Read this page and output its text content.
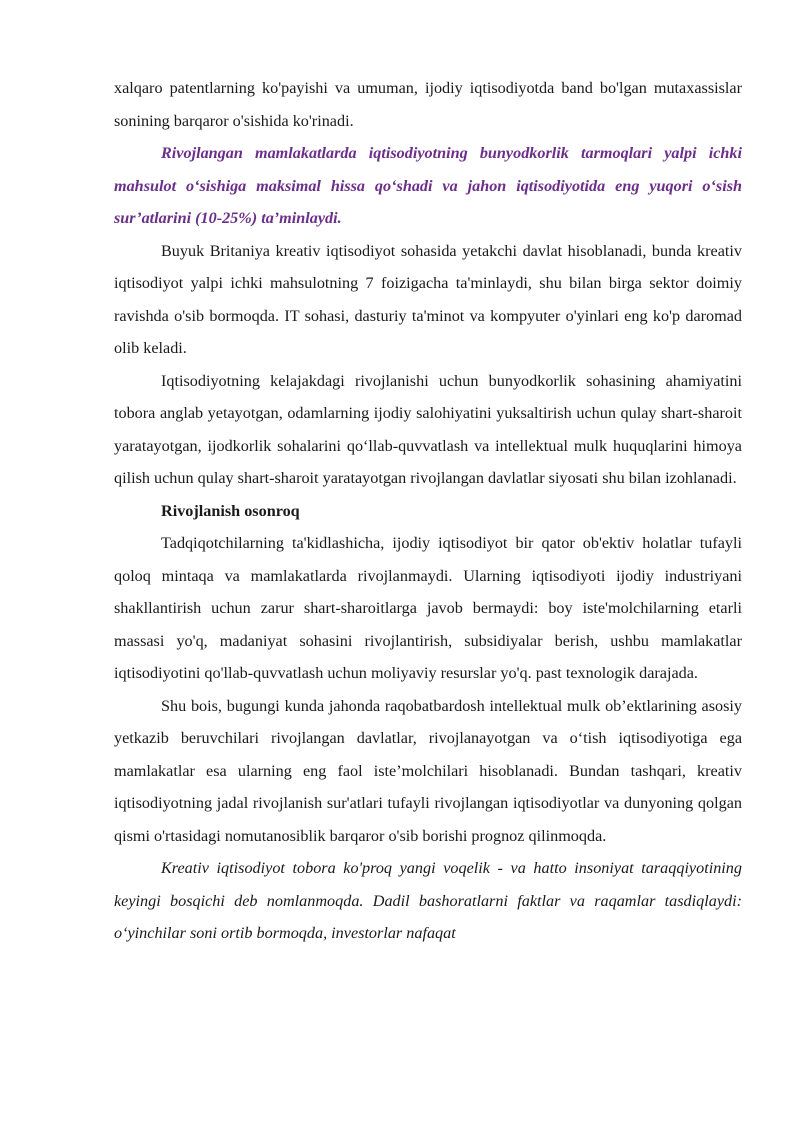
xalqaro patentlarning ko'payishi va umuman, ijodiy iqtisodiyotda band bo'lgan mutaxassislar sonining barqaror o'sishida ko'rinadi.

Rivojlangan mamlakatlarda iqtisodiyotning bunyodkorlik tarmoqlari yalpi ichki mahsulot o‘sishiga maksimal hissa qo‘shadi va jahon iqtisodiyotida eng yuqori o‘sish sur’atlarini (10-25%) ta’minlaydi.

Buyuk Britaniya kreativ iqtisodiyot sohasida yetakchi davlat hisoblanadi, bunda kreativ iqtisodiyot yalpi ichki mahsulotning 7 foizigacha ta'minlaydi, shu bilan birga sektor doimiy ravishda o'sib bormoqda. IT sohasi, dasturiy ta'minot va kompyuter o'yinlari eng ko'p daromad olib keladi.

Iqtisodiyotning kelajakdagi rivojlanishi uchun bunyodkorlik sohasining ahamiyatini tobora anglab yetayotgan, odamlarning ijodiy salohiyatini yuksaltirish uchun qulay shart-sharoit yaratayotgan, ijodkorlik sohalarini qo‘llab-quvvatlash va intellektual mulk huquqlarini himoya qilish uchun qulay shart-sharoit yaratayotgan rivojlangan davlatlar siyosati shu bilan izohlanadi.

Rivojlanish osonroq

Tadqiqotchilarning ta'kidlashicha, ijodiy iqtisodiyot bir qator ob'ektiv holatlar tufayli qoloq mintaqa va mamlakatlarda rivojlanmaydi. Ularning iqtisodiyoti ijodiy industriyani shakllantirish uchun zarur shart-sharoitlarga javob bermaydi: boy iste'molchilarning etarli massasi yo'q, madaniyat sohasini rivojlantirish, subsidiyalar berish, ushbu mamlakatlar iqtisodiyotini qo'llab-quvvatlash uchun moliyaviy resurslar yo'q. past texnologik darajada.

Shu bois, bugungi kunda jahonda raqobatbardosh intellektual mulk ob’ektlarining asosiy yetkazib beruvchilari rivojlangan davlatlar, rivojlanayotgan va o‘tish iqtisodiyotiga ega mamlakatlar esa ularning eng faol iste’molchilari hisoblanadi. Bundan tashqari, kreativ iqtisodiyotning jadal rivojlanish sur'atlari tufayli rivojlangan iqtisodiyotlar va dunyoning qolgan qismi o'rtasidagi nomutanosiblik barqaror o'sib borishi prognoz qilinmoqda.

Kreativ iqtisodiyot tobora ko'proq yangi voqelik - va hatto insoniyat taraqqiyotining keyingi bosqichi deb nomlanmoqda. Dadil bashoratlarni faktlar va raqamlar tasdiqlaydi: o‘yinchilar soni ortib bormoqda, investorlar nafaqat
